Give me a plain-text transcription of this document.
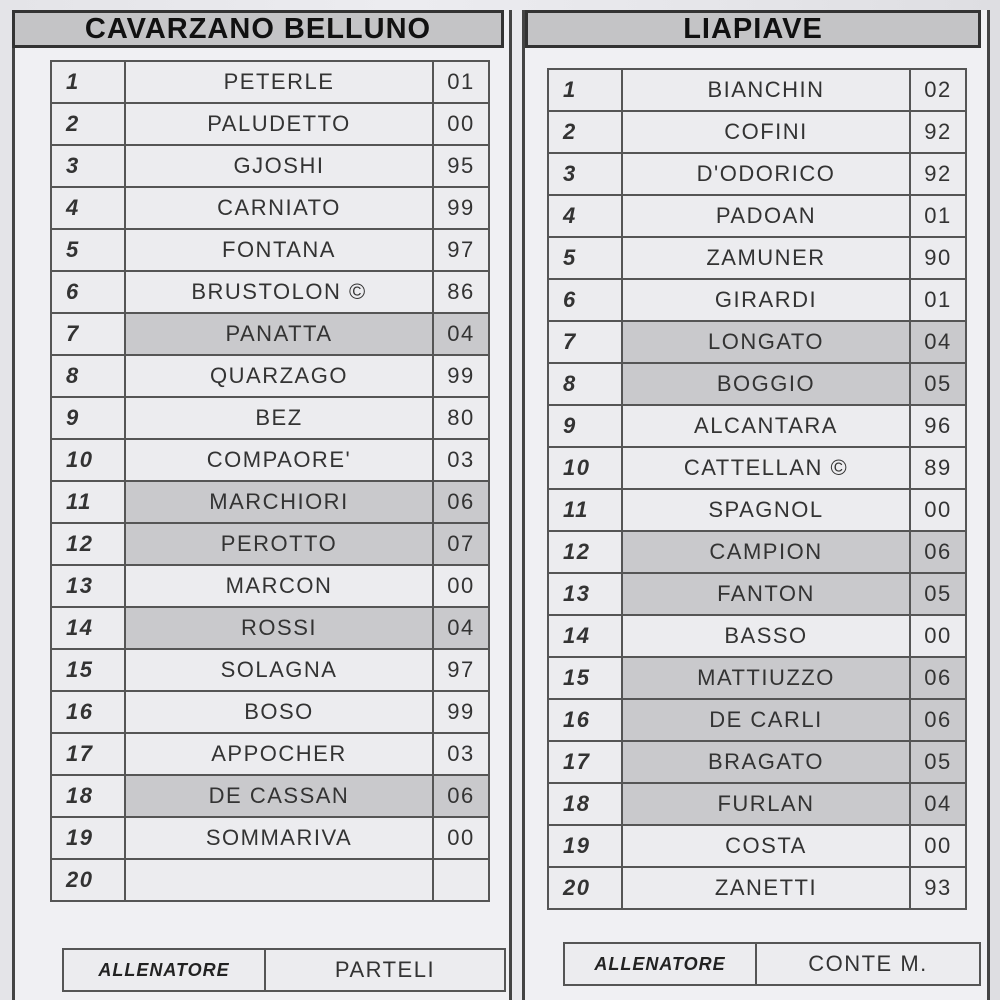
CAVARZANO BELLUNO
1	PETERLE	01
2	PALUDETTO	00
3	GJOSHI	95
4	CARNIATO	99
5	FONTANA	97
6	BRUSTOLON ©	86
7	PANATTA	04
8	QUARZAGO	99
9	BEZ	80
10	COMPAORE'	03
11	MARCHIORI	06
12	PEROTTO	07
13	MARCON	00
14	ROSSI	04
15	SOLAGNA	97
16	BOSO	99
17	APPOCHER	03
18	DE CASSAN	06
19	SOMMARIVA	00
20		
ALLENATORE	PARTELI
LIAPIAVE
1	BIANCHIN	02
2	COFINI	92
3	D'ODORICO	92
4	PADOAN	01
5	ZAMUNER	90
6	GIRARDI	01
7	LONGATO	04
8	BOGGIO	05
9	ALCANTARA	96
10	CATTELLAN ©	89
11	SPAGNOL	00
12	CAMPION	06
13	FANTON	05
14	BASSO	00
15	MATTIUZZO	06
16	DE CARLI	06
17	BRAGATO	05
18	FURLAN	04
19	COSTA	00
20	ZANETTI	93
ALLENATORE	CONTE M.
